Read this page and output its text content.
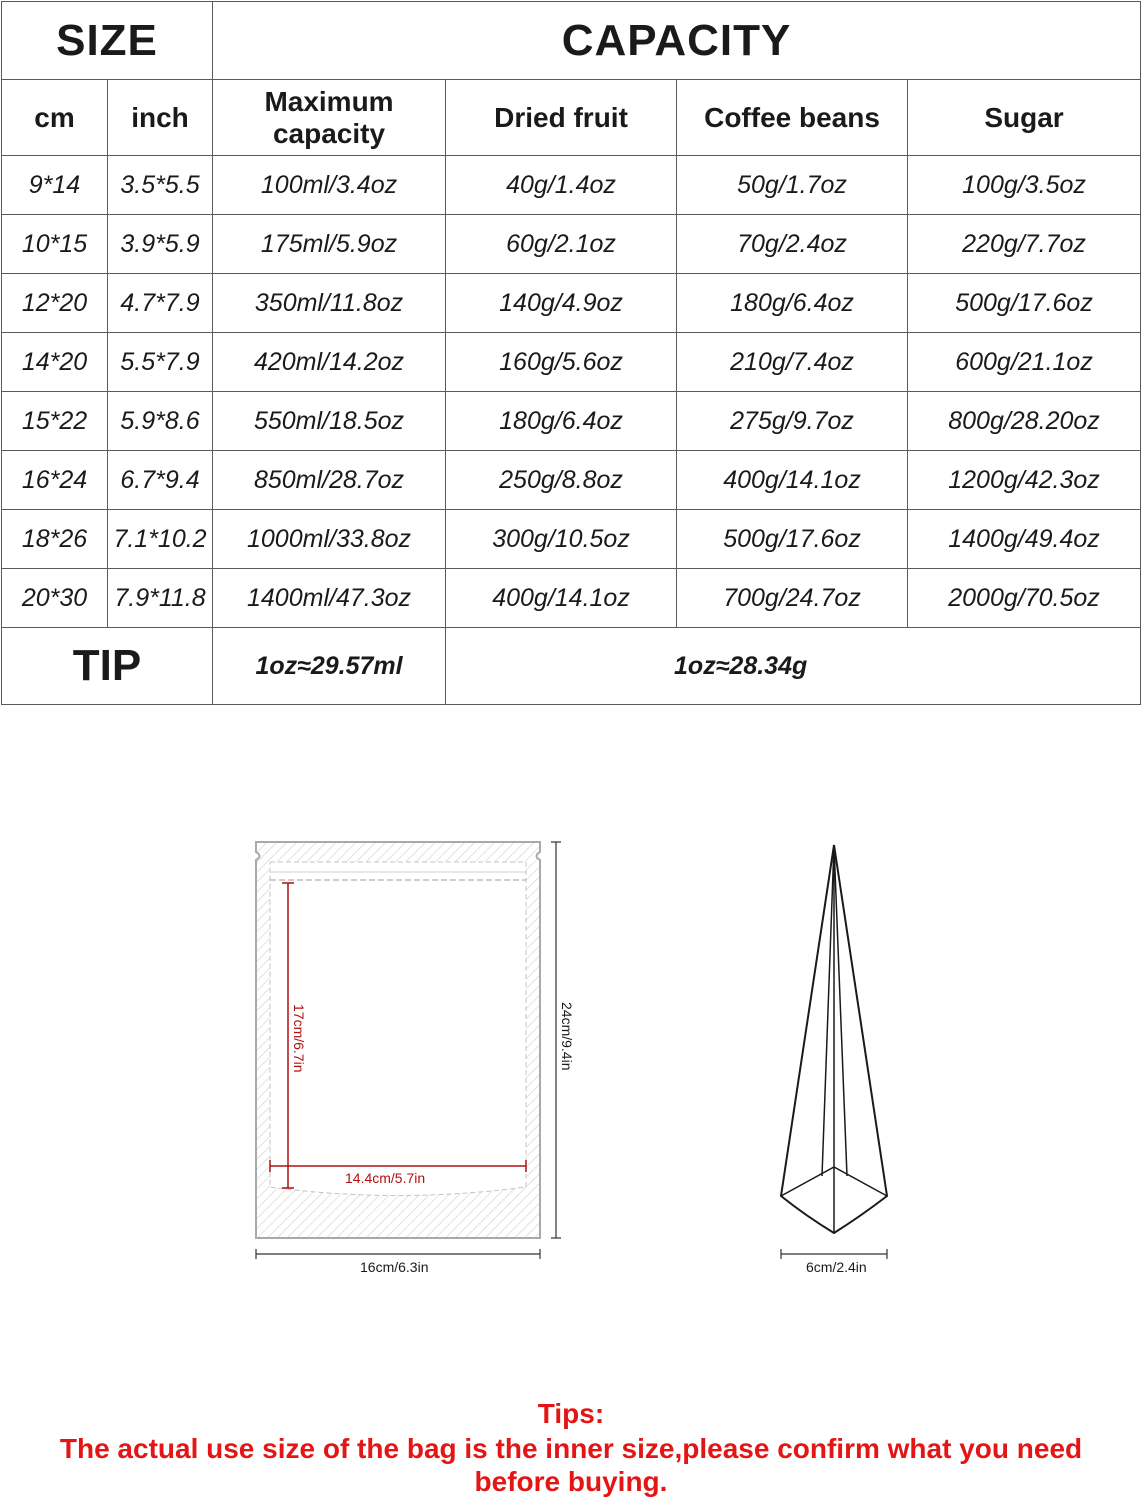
SIZE		CAPACITY			
cm	inch	Maximum capacity	Dried fruit	Coffee beans	Sugar
9*14	3.5*5.5	100ml/3.4oz	40g/1.4oz	50g/1.7oz	100g/3.5oz
10*15	3.9*5.9	175ml/5.9oz	60g/2.1oz	70g/2.4oz	220g/7.7oz
12*20	4.7*7.9	350ml/11.8oz	140g/4.9oz	180g/6.4oz	500g/17.6oz
14*20	5.5*7.9	420ml/14.2oz	160g/5.6oz	210g/7.4oz	600g/21.1oz
15*22	5.9*8.6	550ml/18.5oz	180g/6.4oz	275g/9.7oz	800g/28.20oz
16*24	6.7*9.4	850ml/28.7oz	250g/8.8oz	400g/14.1oz	1200g/42.3oz
18*26	7.1*10.2	1000ml/33.8oz	300g/10.5oz	500g/17.6oz	1400g/49.4oz
20*30	7.9*11.8	1400ml/47.3oz	400g/14.1oz	700g/24.7oz	2000g/70.5oz
TIP		1oz≈29.57ml	1oz≈28.34g		
17cm/6.7in
14.4cm/5.7in
24cm/9.4in
16cm/6.3in	6cm/2.4in
Tips:
The actual use size of the bag is the inner size,please confirm what you need
before buying.
